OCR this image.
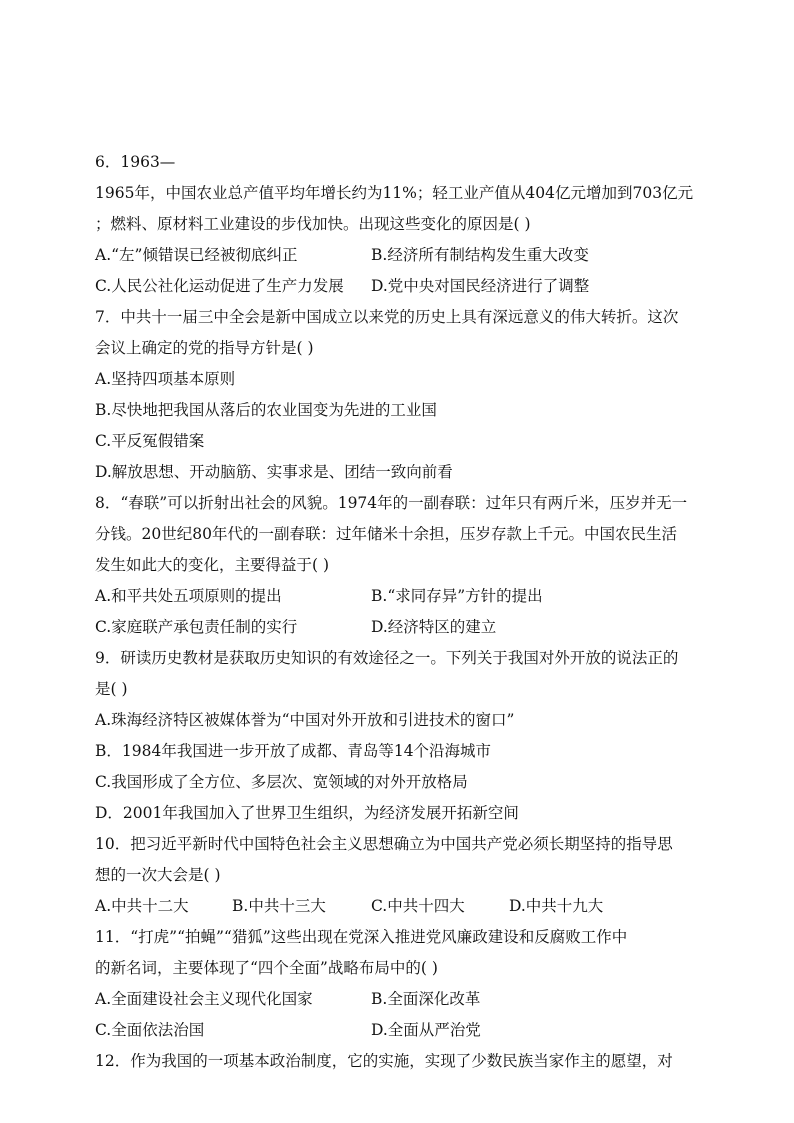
6．1963—
1965年，中国农业总产值平均年增长约为11%；轻工业产值从404亿元增加到703亿元
；燃料、原材料工业建设的步伐加快。出现这些变化的原因是( )
A.“左”倾错误已经被彻底纠正	B.经济所有制结构发生重大改变
C.人民公社化运动促进了生产力发展 D.党中央对国民经济进行了调整
7．中共十一届三中全会是新中国成立以来党的历史上具有深远意义的伟大转折。这次
会议上确定的党的指导方针是( )
A.坚持四项基本原则
B.尽快地把我国从落后的农业国变为先进的工业国
C.平反冤假错案
D.解放思想、开动脑筋、实事求是、团结一致向前看
8．“春联”可以折射出社会的风貌。1974年的一副春联：过年只有两斤米，压岁并无一
分钱。20世纪80年代的一副春联：过年储米十余担，压岁存款上千元。中国农民生活
发生如此大的变化，主要得益于( )
A.和平共处五项原则的提出	B.“求同存异”方针的提出
C.家庭联产承包责任制的实行	D.经济特区的建立
9．研读历史教材是获取历史知识的有效途径之一。下列关于我国对外开放的说法正的
是( )
A.珠海经济特区被媒体誉为“中国对外开放和引进技术的窗口”
B．1984年我国进一步开放了成都、青岛等14个沿海城市
C.我国形成了全方位、多层次、宽领域的对外开放格局
D．2001年我国加入了世界卫生组织，为经济发展开拓新空间
10．把习近平新时代中国特色社会主义思想确立为中国共产党必须长期坚持的指导思
想的一次大会是( )
A.中共十二大	B.中共十三大	C.中共十四大	D.中共十九大
11．“打虎”“拍蝇”“猎狐”这些出现在党深入推进党风廉政建设和反腐败工作中
的新名词，主要体现了“四个全面”战略布局中的( )
A.全面建设社会主义现代化国家	B.全面深化改革
C.全面依法治国	D.全面从严治党
12．作为我国的一项基本政治制度，它的实施，实现了少数民族当家作主的愿望，对
